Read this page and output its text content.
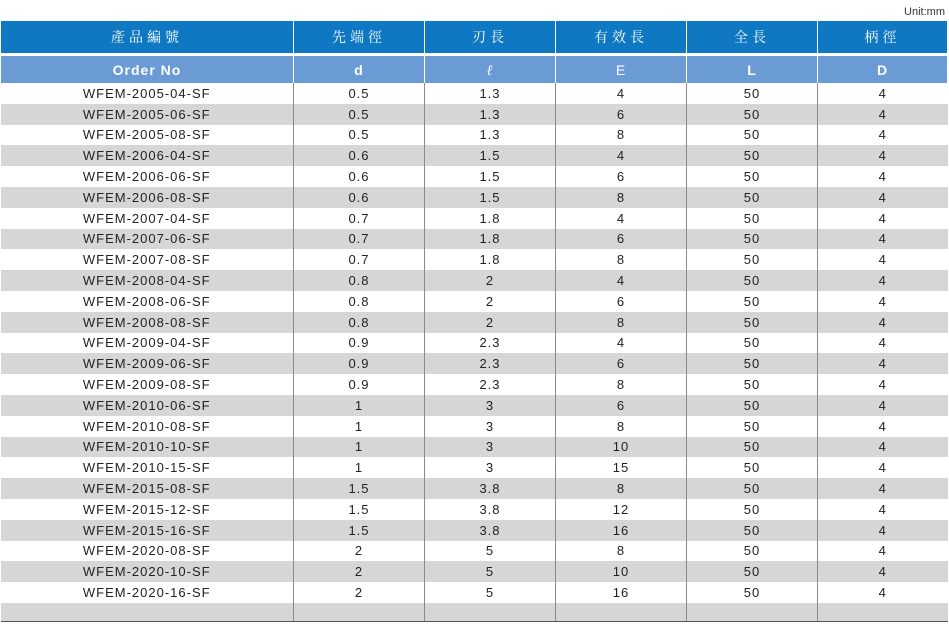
Unit:mm
產品編號	先端徑	刃長	有效長	全長	柄徑

Order No	d	ℓ	E	L	D
WFEM-2005-04-SF	0.5	1.3	4	50	4
WFEM-2005-06-SF	0.5	1.3	6	50	4
WFEM-2005-08-SF	0.5	1.3	8	50	4
WFEM-2006-04-SF	0.6	1.5	4	50	4
WFEM-2006-06-SF	0.6	1.5	6	50	4
WFEM-2006-08-SF	0.6	1.5	8	50	4
WFEM-2007-04-SF	0.7	1.8	4	50	4
WFEM-2007-06-SF	0.7	1.8	6	50	4
WFEM-2007-08-SF	0.7	1.8	8	50	4
WFEM-2008-04-SF	0.8	2	4	50	4
WFEM-2008-06-SF	0.8	2	6	50	4
WFEM-2008-08-SF	0.8	2	8	50	4
WFEM-2009-04-SF	0.9	2.3	4	50	4
WFEM-2009-06-SF	0.9	2.3	6	50	4
WFEM-2009-08-SF	0.9	2.3	8	50	4
WFEM-2010-06-SF	1	3	6	50	4
WFEM-2010-08-SF	1	3	8	50	4
WFEM-2010-10-SF	1	3	10	50	4
WFEM-2010-15-SF	1	3	15	50	4
WFEM-2015-08-SF	1.5	3.8	8	50	4
WFEM-2015-12-SF	1.5	3.8	12	50	4
WFEM-2015-16-SF	1.5	3.8	16	50	4
WFEM-2020-08-SF	2	5	8	50	4
WFEM-2020-10-SF	2	5	10	50	4
WFEM-2020-16-SF	2	5	16	50	4
